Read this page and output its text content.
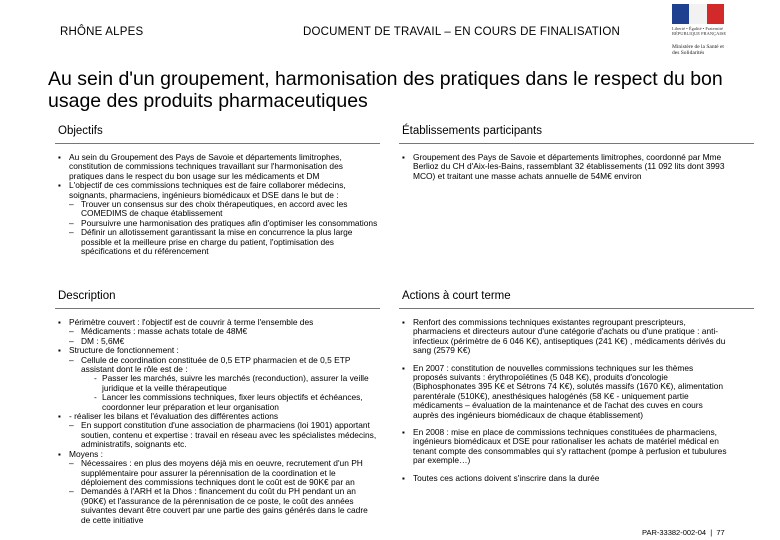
RHÔNE ALPES	DOCUMENT DE TRAVAIL – EN COURS DE FINALISATION	Liberté • Égalité • Fraternité RÉPUBLIQUE FRANÇAISE
Ministère de la Santé et des Solidarités
Au sein d'un groupement, harmonisation des pratiques dans le respect du bon usage des produits pharmaceutiques
Objectifs
▪ Au sein du Groupement des Pays de Savoie et départements limitrophes, constitution de commissions techniques travaillant sur l'harmonisation des pratiques dans le respect du bon usage sur les médicaments et DM
▪ L'objectif de ces commissions techniques est de faire collaborer médecins, soignants, pharmaciens, ingénieurs biomédicaux et DSE dans le but de :
– Trouver un consensus sur des choix thérapeutiques, en accord avec les COMEDIMS de chaque établissement
– Poursuivre une harmonisation des pratiques afin d'optimiser les consommations
– Définir un allotissement garantissant la mise en concurrence la plus large possible et la meilleure prise en charge du patient, l'optimisation des spécifications et du référencement
Établissements participants
▪ Groupement des Pays de Savoie et départements limitrophes, coordonné par Mme Berlioz du CH d'Aix-les-Bains, rassemblant 32 établissements (11 092 lits dont 3993 MCO) et traitant une masse achats annuelle de 54M€ environ
Description
▪ Périmètre couvert : l'objectif est de couvrir à terme l'ensemble des
– Médicaments : masse achats totale de 48M€
– DM : 5,6M€
▪ Structure de fonctionnement :
– Cellule de coordination constituée de 0,5 ETP pharmacien et de 0,5 ETP assistant dont le rôle est de :
- Passer les marchés, suivre les marchés (reconduction), assurer la veille juridique et la veille thérapeutique
- Lancer les commissions techniques, fixer leurs objectifs et échéances, coordonner leur préparation et leur organisation
▪ - réaliser les bilans et l'évaluation des différentes actions
– En support constitution d'une association de pharmaciens (loi 1901) apportant soutien, contenu et expertise : travail en réseau avec les spécialistes médecins, administratifs, soignants etc.
▪ Moyens :
– Nécessaires : en plus des moyens déjà mis en oeuvre, recrutement d'un PH supplémentaire pour assurer la pérennisation de la coordination et le déploiement des commissions techniques dont le coût est de 90K€ par an
– Demandés à l'ARH et la Dhos : financement du coût du PH pendant un an (90K€) et l'assurance de la pérennisation de ce poste, le coût des années suivantes devant être couvert par une partie des gains générés dans le cadre de cette initiative
Actions à court terme
▪ Renfort des commissions techniques existantes regroupant prescripteurs, pharmaciens et directeurs autour d'une catégorie d'achats ou d'une pratique : anti-infectieux (périmètre de 6 046 K€), antiseptiques (241 K€) , médicaments dérivés du sang (2579 K€)
▪ En 2007 : constitution de nouvelles commissions techniques sur les thèmes proposés suivants : érythropoïétines (5 048 K€), produits d'oncologie (Biphosphonates 395 K€ et Sétrons 74 K€), solutés massifs (1670 K€), alimentation parentérale (510K€), anesthésiques halogénés (58 K€ - uniquement partie médicaments – évaluation de la maintenance et de l'achat des cuves en cours auprès des ingénieurs biomédicaux de chaque établissement)
▪ En 2008 : mise en place de commissions techniques constituées de pharmaciens, ingénieurs biomédicaux et DSE pour rationaliser les achats de matériel médical en tenant compte des consommables qui s'y rattachent (pompe à perfusion et tubulures par exemple…)
▪ Toutes ces actions doivent s'inscrire dans la durée
PAR-33382-002-04  |  77
